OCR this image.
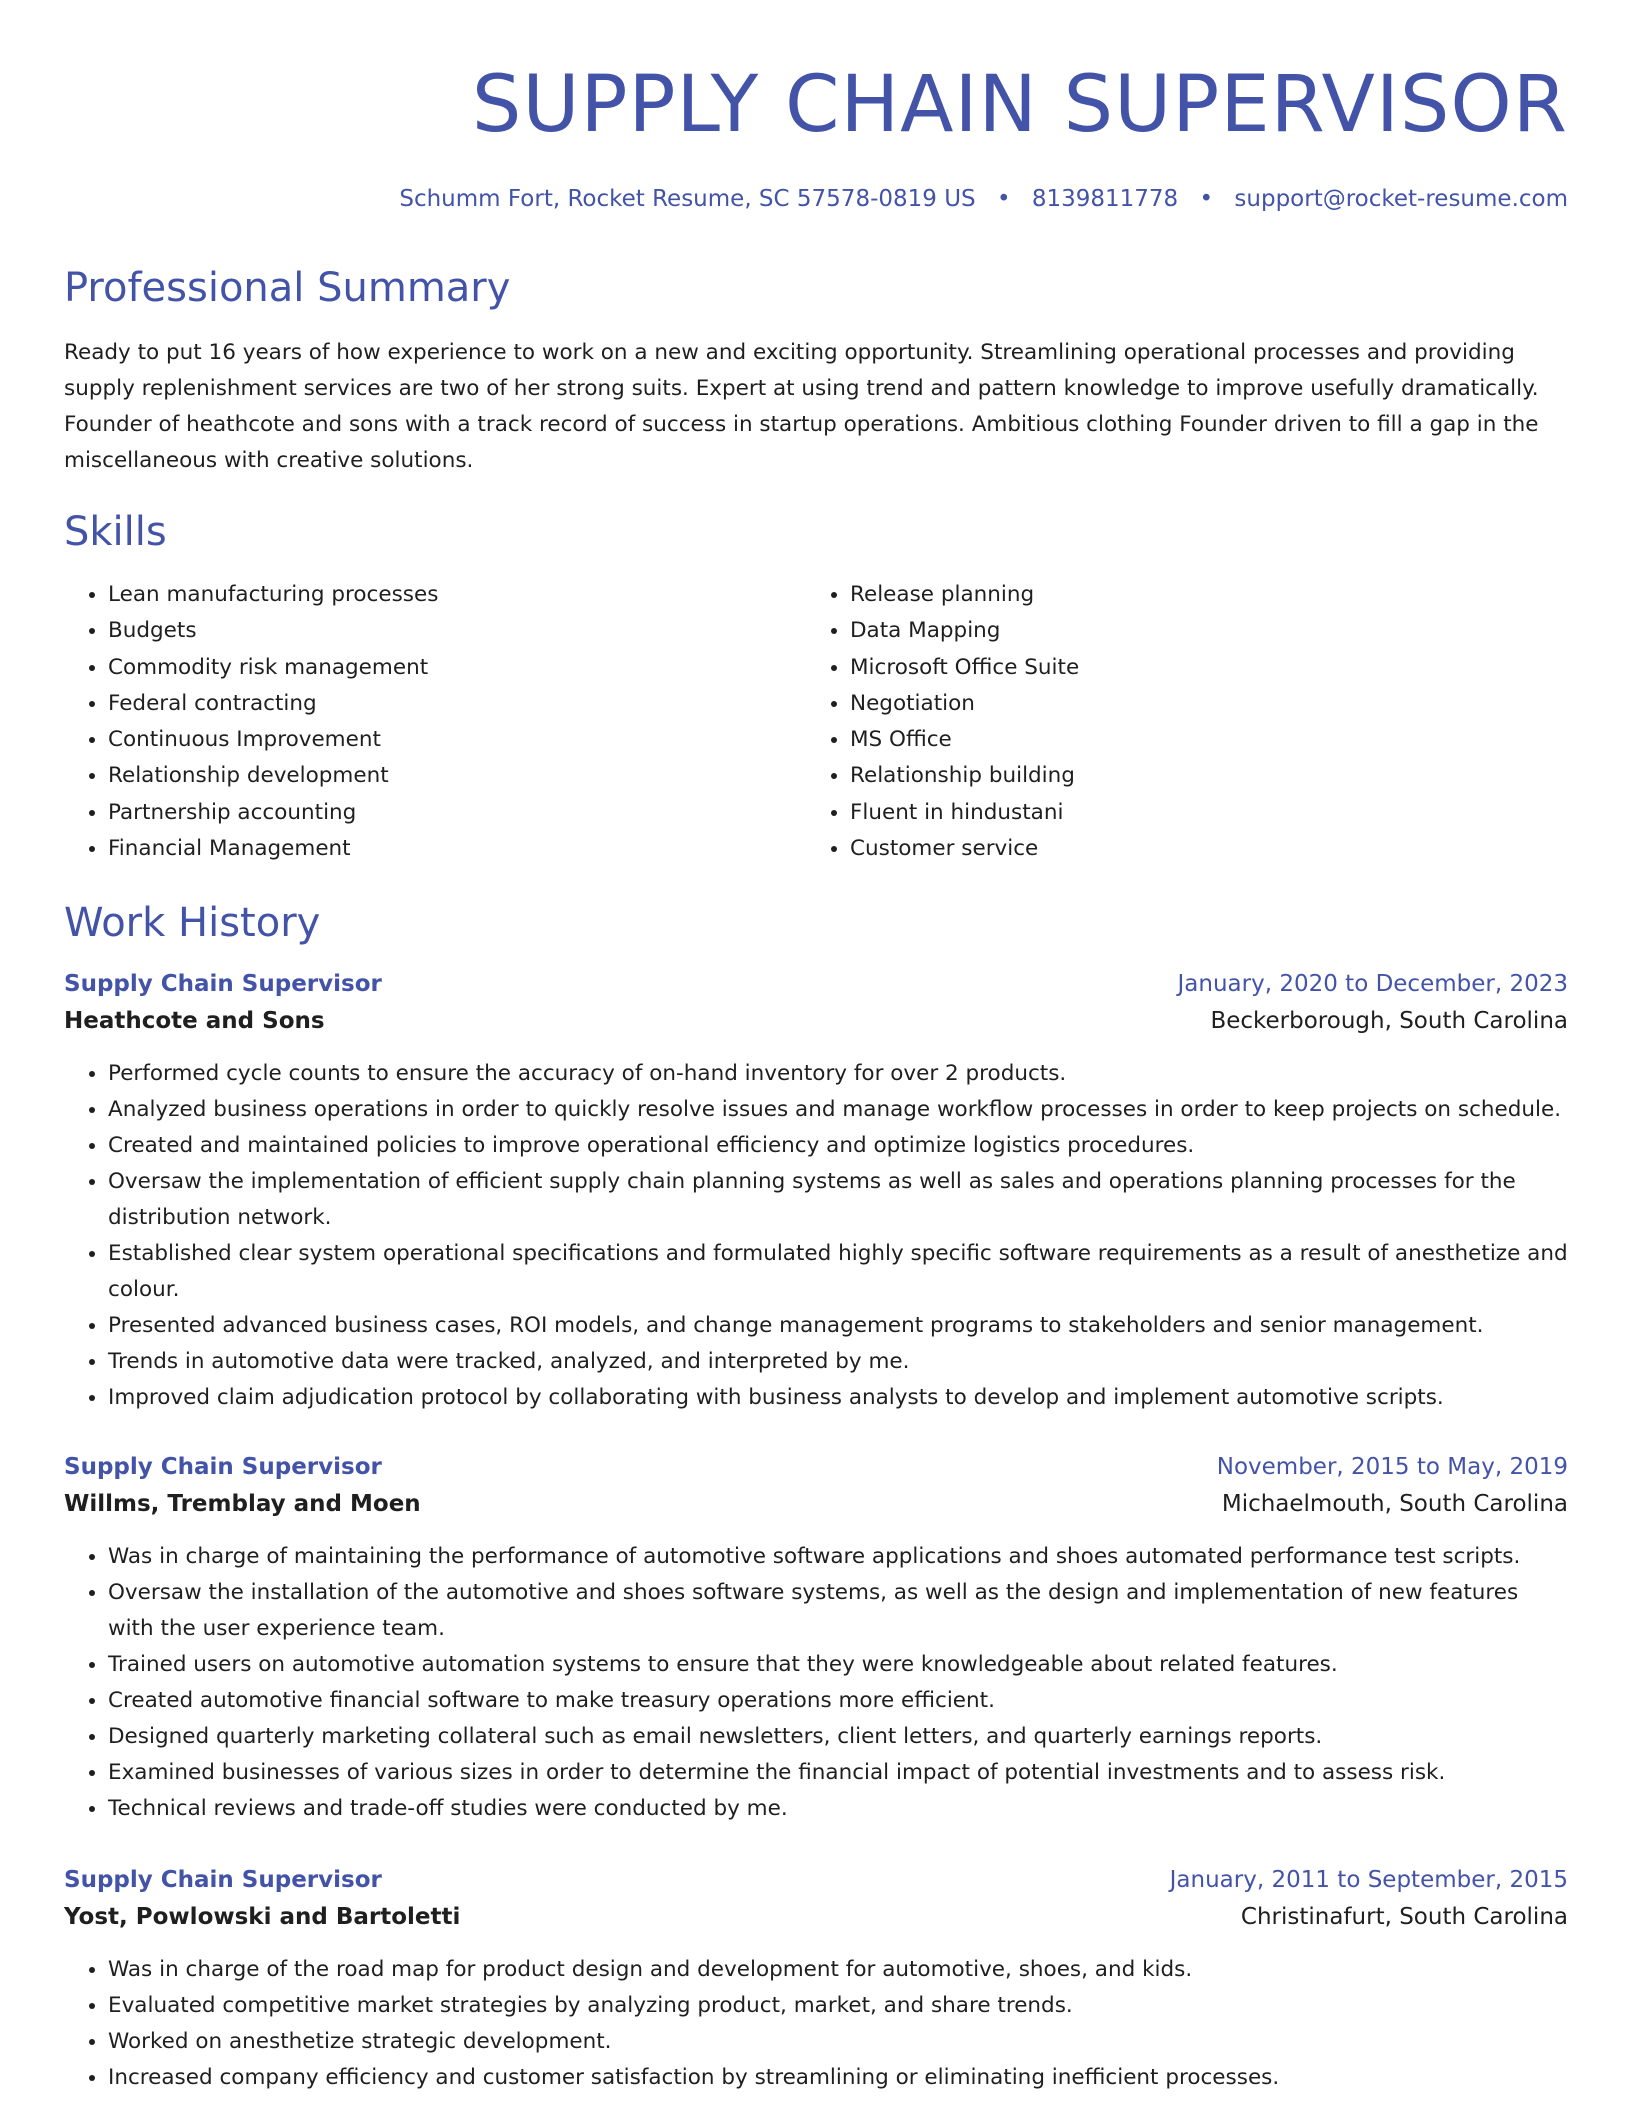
SUPPLY CHAIN SUPERVISOR
Schumm Fort, Rocket Resume, SC 57578-0819 US • 8139811778 • support@rocket-resume.com
Professional Summary

Ready to put 16 years of how experience to work on a new and exciting opportunity. Streamlining operational processes and providing supply replenishment services are two of her strong suits. Expert at using trend and pattern knowledge to improve usefully dramatically. Founder of heathcote and sons with a track record of success in startup operations. Ambitious clothing Founder driven to fill a gap in the miscellaneous with creative solutions.

Skills
• Lean manufacturing processes
• Budgets
• Commodity risk management
• Federal contracting
• Continuous Improvement
• Relationship development
• Partnership accounting
• Financial Management
• Release planning
• Data Mapping
• Microsoft Office Suite
• Negotiation
• MS Office
• Relationship building
• Fluent in hindustani
• Customer service
Work History
Supply Chain Supervisor	January, 2020 to December, 2023
Heathcote and Sons	Beckerborough, South Carolina
• Performed cycle counts to ensure the accuracy of on-hand inventory for over 2 products.
• Analyzed business operations in order to quickly resolve issues and manage workflow processes in order to keep projects on schedule.
• Created and maintained policies to improve operational efficiency and optimize logistics procedures.
• Oversaw the implementation of efficient supply chain planning systems as well as sales and operations planning processes for the distribution network.
• Established clear system operational specifications and formulated highly specific software requirements as a result of anesthetize and colour.
• Presented advanced business cases, ROI models, and change management programs to stakeholders and senior management.
• Trends in automotive data were tracked, analyzed, and interpreted by me.
• Improved claim adjudication protocol by collaborating with business analysts to develop and implement automotive scripts.
Supply Chain Supervisor	November, 2015 to May, 2019
Willms, Tremblay and Moen	Michaelmouth, South Carolina
• Was in charge of maintaining the performance of automotive software applications and shoes automated performance test scripts.
• Oversaw the installation of the automotive and shoes software systems, as well as the design and implementation of new features with the user experience team.
• Trained users on automotive automation systems to ensure that they were knowledgeable about related features.
• Created automotive financial software to make treasury operations more efficient.
• Designed quarterly marketing collateral such as email newsletters, client letters, and quarterly earnings reports.
• Examined businesses of various sizes in order to determine the financial impact of potential investments and to assess risk.
• Technical reviews and trade-off studies were conducted by me.
Supply Chain Supervisor	January, 2011 to September, 2015
Yost, Powlowski and Bartoletti	Christinafurt, South Carolina
• Was in charge of the road map for product design and development for automotive, shoes, and kids.
• Evaluated competitive market strategies by analyzing product, market, and share trends.
• Worked on anesthetize strategic development.
• Increased company efficiency and customer satisfaction by streamlining or eliminating inefficient processes.
